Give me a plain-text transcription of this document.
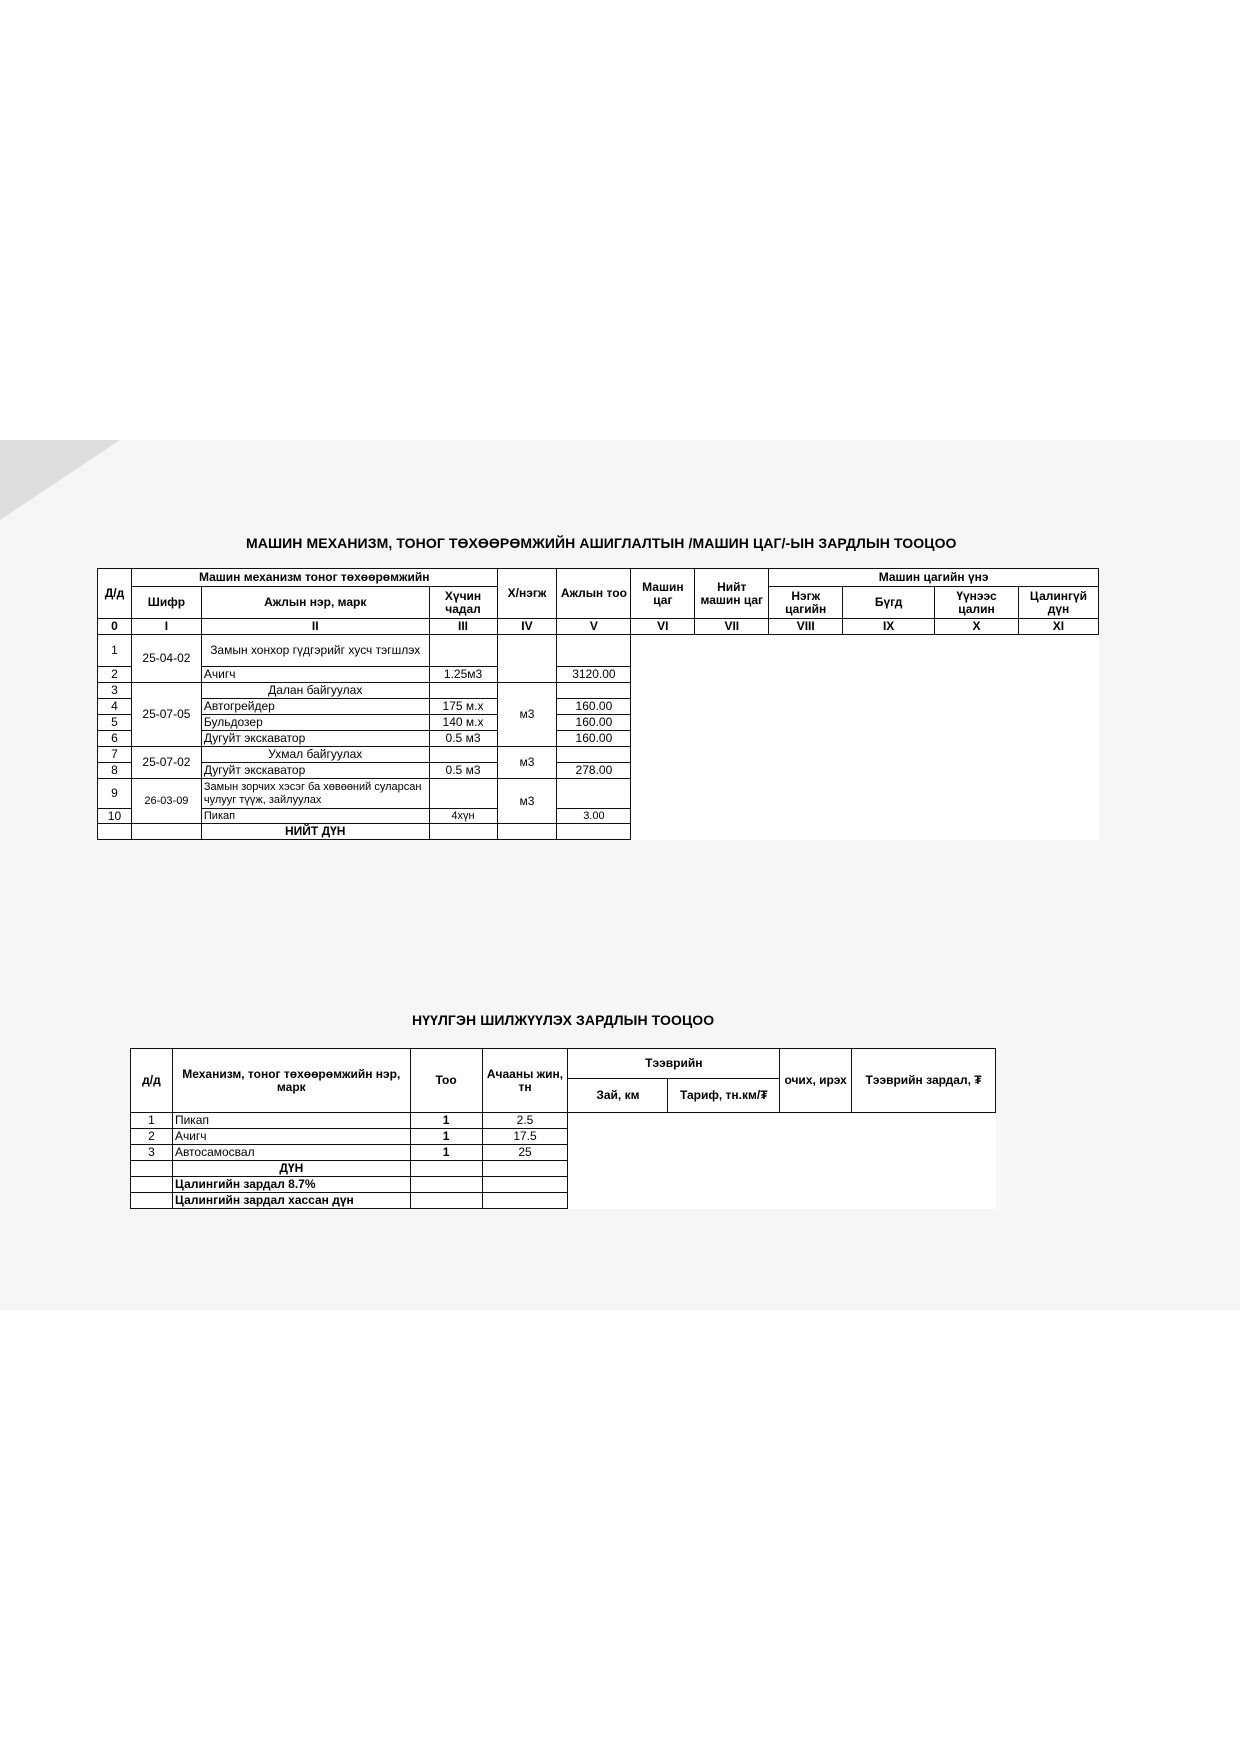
МАШИН МЕХАНИЗМ, ТОНОГ ТӨХӨӨРӨМЖИЙН АШИГЛАЛТЫН /МАШИН ЦАГ/-ЫН ЗАРДЛЫН ТООЦОО
Д/д	Машин механизм тоног төхөөрөмжийн			Х/нэгж	Ажлын тоо	Машин цаг	Нийт машин цаг	Машин цагийн үнэ			
	Шифр	Ажлын нэр, марк	Хүчин чадал					Нэгж цагийн	Бүгд	Үүнээс цалин	Цалингүй дүн
0	I	II	III	IV	V	VI	VII	VIII	IX	X	XI
1	25-04-02	Замын хонхор гүдгэрийг хусч тэгшлэх									
2		Ачигч	1.25м3		3120.00						
3	25-07-05	Далан байгуулах		м3							
4		Автогрейдер	175 м.х		160.00						
5		Бульдозер	140 м.х		160.00						
6		Дугуйт экскаватор	0.5 м3		160.00						
7	25-07-02	Ухмал байгуулах		м3							
8		Дугуйт экскаватор	0.5 м3		278.00						
9	26-03-09	Замын зорчих хэсэг ба хөвөөний суларсан чулууг түүж, зайлуулах		м3							
10		Пикап	4хүн		3.00						
		НИЙТ ДҮН									
НҮҮЛГЭН ШИЛЖҮҮЛЭХ ЗАРДЛЫН ТООЦОО
д/д	Механизм, тоног төхөөрөмжийн нэр, марк	Тоо	Ачааны жин, тн	Тээврийн		очих, ирэх	Тээврийн зардал, ₮
				Зай, км	Тариф, тн.км/₮		
1	Пикап	1	2.5				
2	Ачигч	1	17.5				
3	Автосамосвал	1	25				
	ДҮН						
	Цалингийн зардал 8.7%						
	Цалингийн зардал хассан дүн						
